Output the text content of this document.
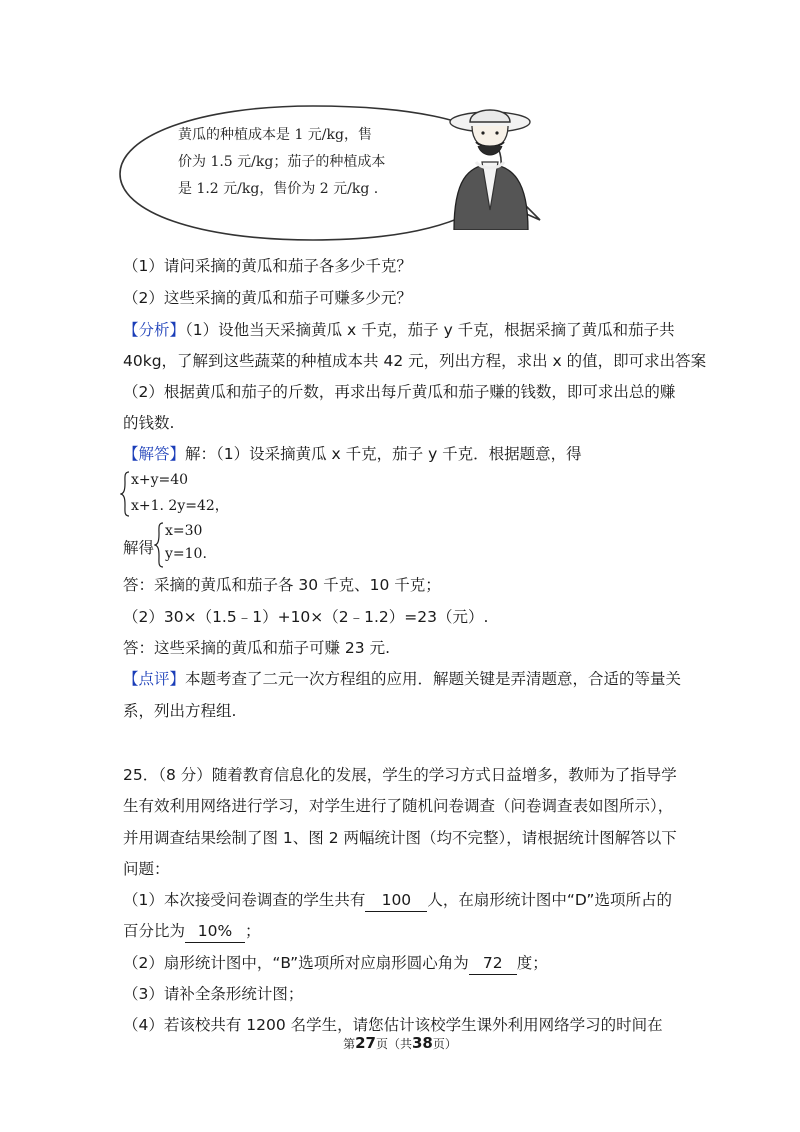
黄瓜的种植成本是 1 元/kg，售
价为 1.5 元/kg；茄子的种植成本
是 1.2 元/kg，售价为 2 元/kg .
（1）请问采摘的黄瓜和茄子各多少千克？
（2）这些采摘的黄瓜和茄子可赚多少元？
【分析】（1）设他当天采摘黄瓜 x 千克，茄子 y 千克，根据采摘了黄瓜和茄子共
40kg，了解到这些蔬菜的种植成本共 42 元，列出方程，求出 x 的值，即可求出答案
（2）根据黄瓜和茄子的斤数，再求出每斤黄瓜和茄子赚的钱数，即可求出总的赚
的钱数.
【解答】解：（1）设采摘黄瓜 x 千克，茄子 y 千克．根据题意，得
x+y=40
x+1. 2y=42，
解得
x=30
y=10.
答：采摘的黄瓜和茄子各 30 千克、10 千克；
（2）30×（1.5﹣1）+10×（2﹣1.2）=23（元）.
答：这些采摘的黄瓜和茄子可赚 23 元.
【点评】本题考查了二元一次方程组的应用．解题关键是弄清题意，合适的等量关
系，列出方程组.
25．（8 分）随着教育信息化的发展，学生的学习方式日益增多，教师为了指导学
生有效利用网络进行学习，对学生进行了随机问卷调查（问卷调查表如图所示），
并用调查结果绘制了图 1、图 2 两幅统计图（均不完整），请根据统计图解答以下
问题：
（1）本次接受问卷调查的学生共有 100 人，在扇形统计图中“D”选项所占的
百分比为 10% ；
（2）扇形统计图中，“B”选项所对应扇形圆心角为 72 度；
（3）请补全条形统计图；
（4）若该校共有 1200 名学生，请您估计该校学生课外利用网络学习的时间在
第27页（共38页）
